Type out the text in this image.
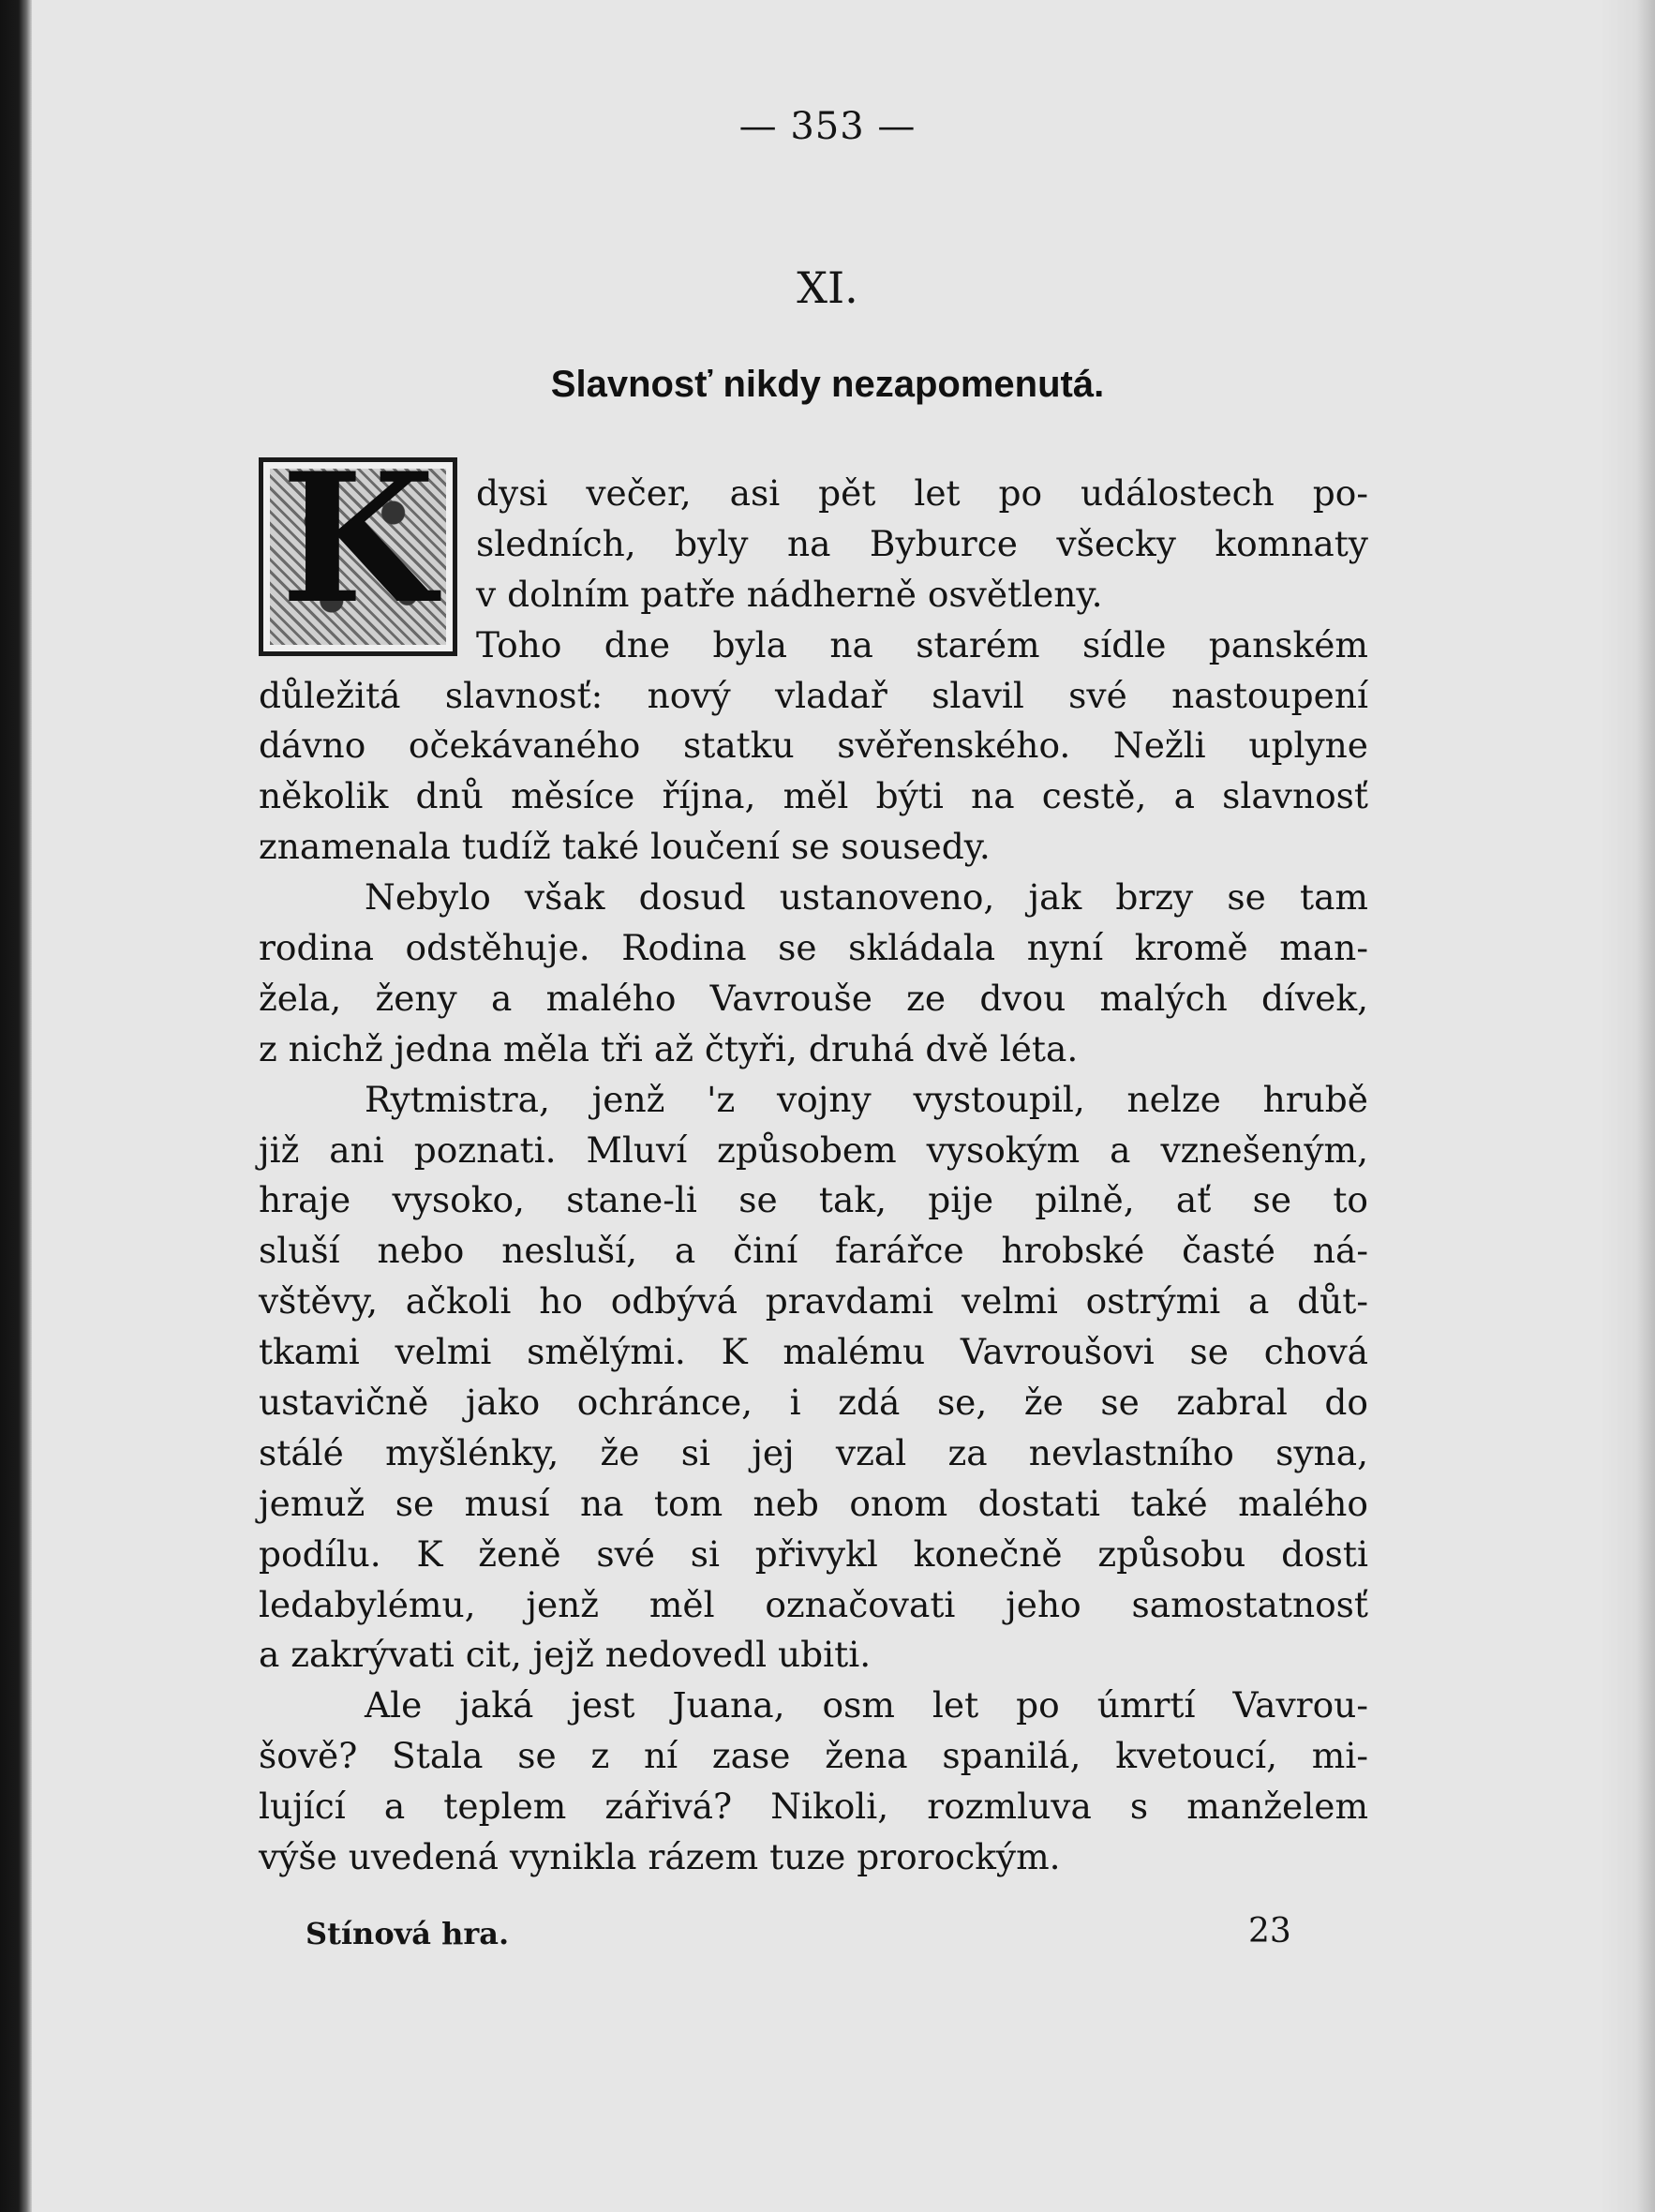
— 353 —
XI.
Slavnosť nikdy nezapomenutá.
K	dysi večer, asi pět let po událostech po-
sledních, byly na Byburce všecky komnaty
v dolním patře nádherně osvětleny.
Toho dne byla na starém sídle panském
důležitá slavnosť: nový vladař slavil své nastoupení
dávno očekávaného statku svěřenského. Nežli uplyne
několik dnů měsíce října, měl býti na cestě, a slavnosť
znamenala tudíž také loučení se sousedy.
Nebylo však dosud ustanoveno, jak brzy se tam
rodina odstěhuje. Rodina se skládala nyní kromě man-
žela, ženy a malého Vavrouše ze dvou malých dívek,
z nichž jedna měla tři až čtyři, druhá dvě léta.
Rytmistra, jenž 'z vojny vystoupil, nelze hrubě
již ani poznati. Mluví způsobem vysokým a vznešeným,
hraje vysoko, stane-li se tak, pije pilně, ať se to
sluší nebo nesluší, a činí farářce hrobské časté ná-
vštěvy, ačkoli ho odbývá pravdami velmi ostrými a důt-
tkami velmi smělými. K malému Vavroušovi se chová
ustavičně jako ochránce, i zdá se, že se zabral do
stálé myšlénky, že si jej vzal za nevlastního syna,
jemuž se musí na tom neb onom dostati také malého
podílu. K ženě své si přivykl konečně způsobu dosti
ledabylému, jenž měl označovati jeho samostatnosť
a zakrývati cit, jejž nedovedl ubiti.
Ale jaká jest Juana, osm let po úmrtí Vavrou-
šově? Stala se z ní zase žena spanilá, kvetoucí, mi-
lující a teplem zářivá? Nikoli, rozmluva s manželem
výše uvedená vynikla rázem tuze prorockým.
Stínová hra.	23
